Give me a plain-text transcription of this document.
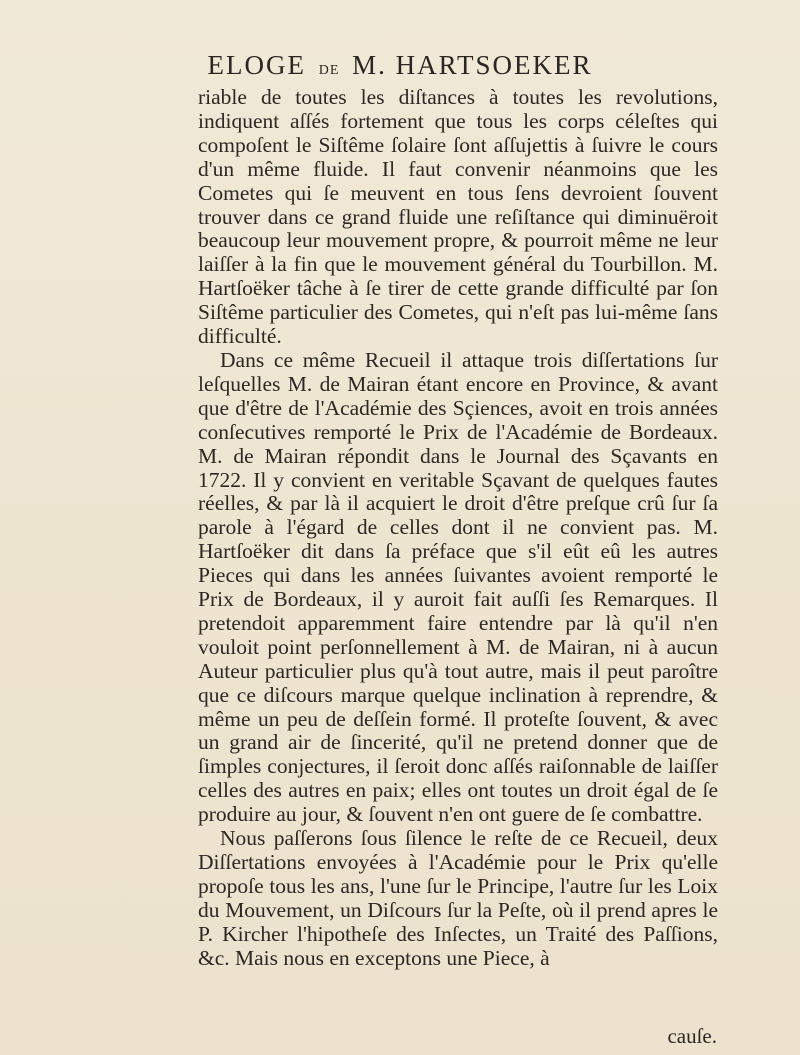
ELOGE DE M. HARTSOEKER

riable de toutes les diſtances à toutes les revolutions, indiquent aſſés fortement que tous les corps céleſtes qui compoſent le Siſtême ſolaire ſont aſſujettis à ſuivre le cours d'un même fluide. Il faut convenir néanmoins que les Cometes qui ſe meuvent en tous ſens devroient ſouvent trouver dans ce grand fluide une reſiſtance qui diminuëroit beaucoup leur mouvement propre, & pourroit même ne leur laiſſer à la fin que le mouvement général du Tourbillon. M. Hartſoëker tâche à ſe tirer de cette grande difficulté par ſon Siſtême particulier des Cometes, qui n'eſt pas lui-même ſans difficulté.

Dans ce même Recueil il attaque trois diſſertations ſur leſquelles M. de Mairan étant encore en Province, & avant que d'être de l'Académie des Sçiences, avoit en trois années conſecutives remporté le Prix de l'Académie de Bordeaux. M. de Mairan répondit dans le Journal des Sçavants en 1722. Il y convient en veritable Sçavant de quelques fautes réelles, & par là il acquiert le droit d'être preſque crû ſur ſa parole à l'égard de celles dont il ne convient pas. M. Hartſoëker dit dans ſa préface que s'il eût eû les autres Pieces qui dans les années ſuivantes avoient remporté le Prix de Bordeaux, il y auroit fait auſſi ſes Remarques. Il pretendoit apparemment faire entendre par là qu'il n'en vouloit point perſonnellement à M. de Mairan, ni à aucun Auteur particulier plus qu'à tout autre, mais il peut paroître que ce diſcours marque quelque inclination à reprendre, & même un peu de deſſein formé. Il proteſte ſouvent, & avec un grand air de ſincerité, qu'il ne pretend donner que de ſimples conjectures, il ſeroit donc aſſés raiſonnable de laiſſer celles des autres en paix; elles ont toutes un droit égal de ſe produire au jour, & ſouvent n'en ont guere de ſe combattre.

Nous paſſerons ſous ſilence le reſte de ce Recueil, deux Diſſertations envoyées à l'Académie pour le Prix qu'elle propoſe tous les ans, l'une ſur le Principe, l'autre ſur les Loix du Mouvement, un Diſcours ſur la Peſte, où il prend apres le P. Kircher l'hipotheſe des Inſectes, un Traité des Paſſions, &c. Mais nous en exceptons une Piece, à

cauſe.
